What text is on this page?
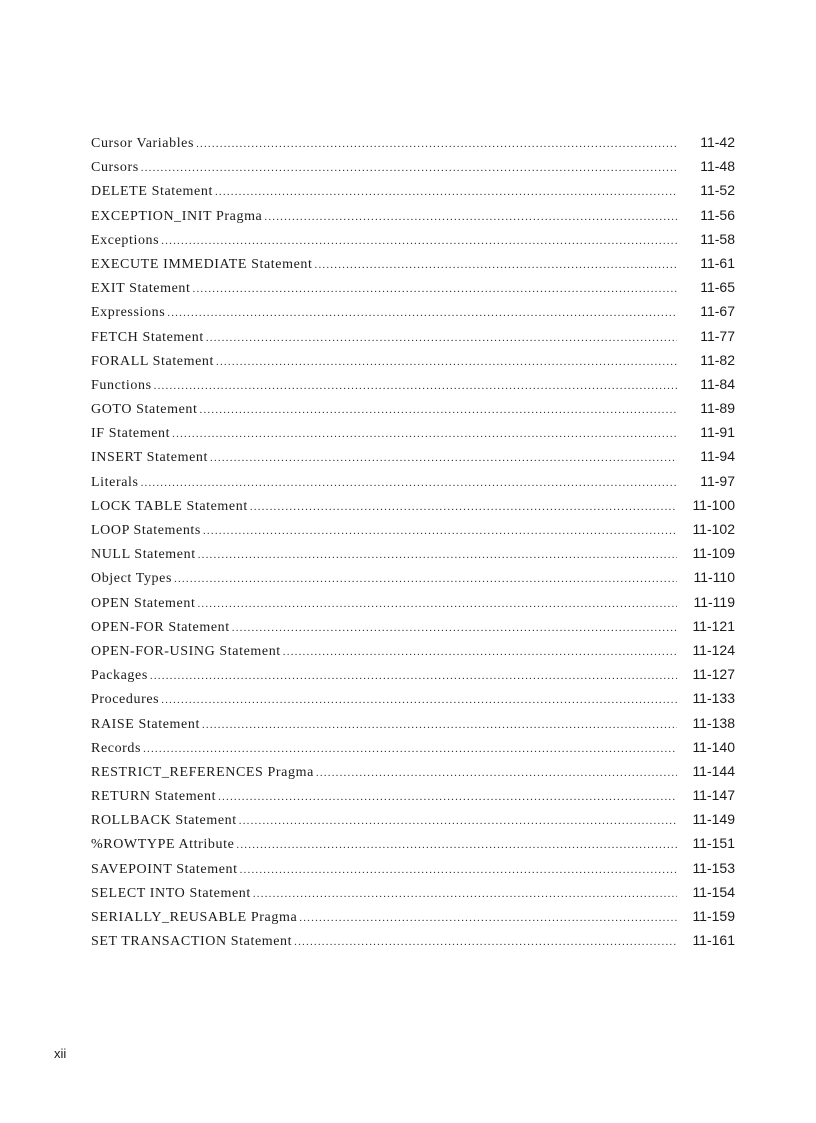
Cursor Variables .....	11-42
Cursors .....	11-48
DELETE Statement .....	11-52
EXCEPTION_INIT Pragma .....	11-56
Exceptions .....	11-58
EXECUTE IMMEDIATE Statement .....	11-61
EXIT Statement .....	11-65
Expressions .....	11-67
FETCH Statement .....	11-77
FORALL Statement .....	11-82
Functions .....	11-84
GOTO Statement .....	11-89
IF Statement .....	11-91
INSERT Statement .....	11-94
Literals .....	11-97
LOCK TABLE Statement .....	11-100
LOOP Statements .....	11-102
NULL Statement .....	11-109
Object Types .....	11-110
OPEN Statement .....	11-119
OPEN-FOR Statement .....	11-121
OPEN-FOR-USING Statement .....	11-124
Packages .....	11-127
Procedures .....	11-133
RAISE Statement .....	11-138
Records .....	11-140
RESTRICT_REFERENCES Pragma .....	11-144
RETURN Statement .....	11-147
ROLLBACK Statement .....	11-149
%ROWTYPE Attribute .....	11-151
SAVEPOINT Statement .....	11-153
SELECT INTO Statement .....	11-154
SERIALLY_REUSABLE Pragma .....	11-159
SET TRANSACTION Statement .....	11-161
xii
